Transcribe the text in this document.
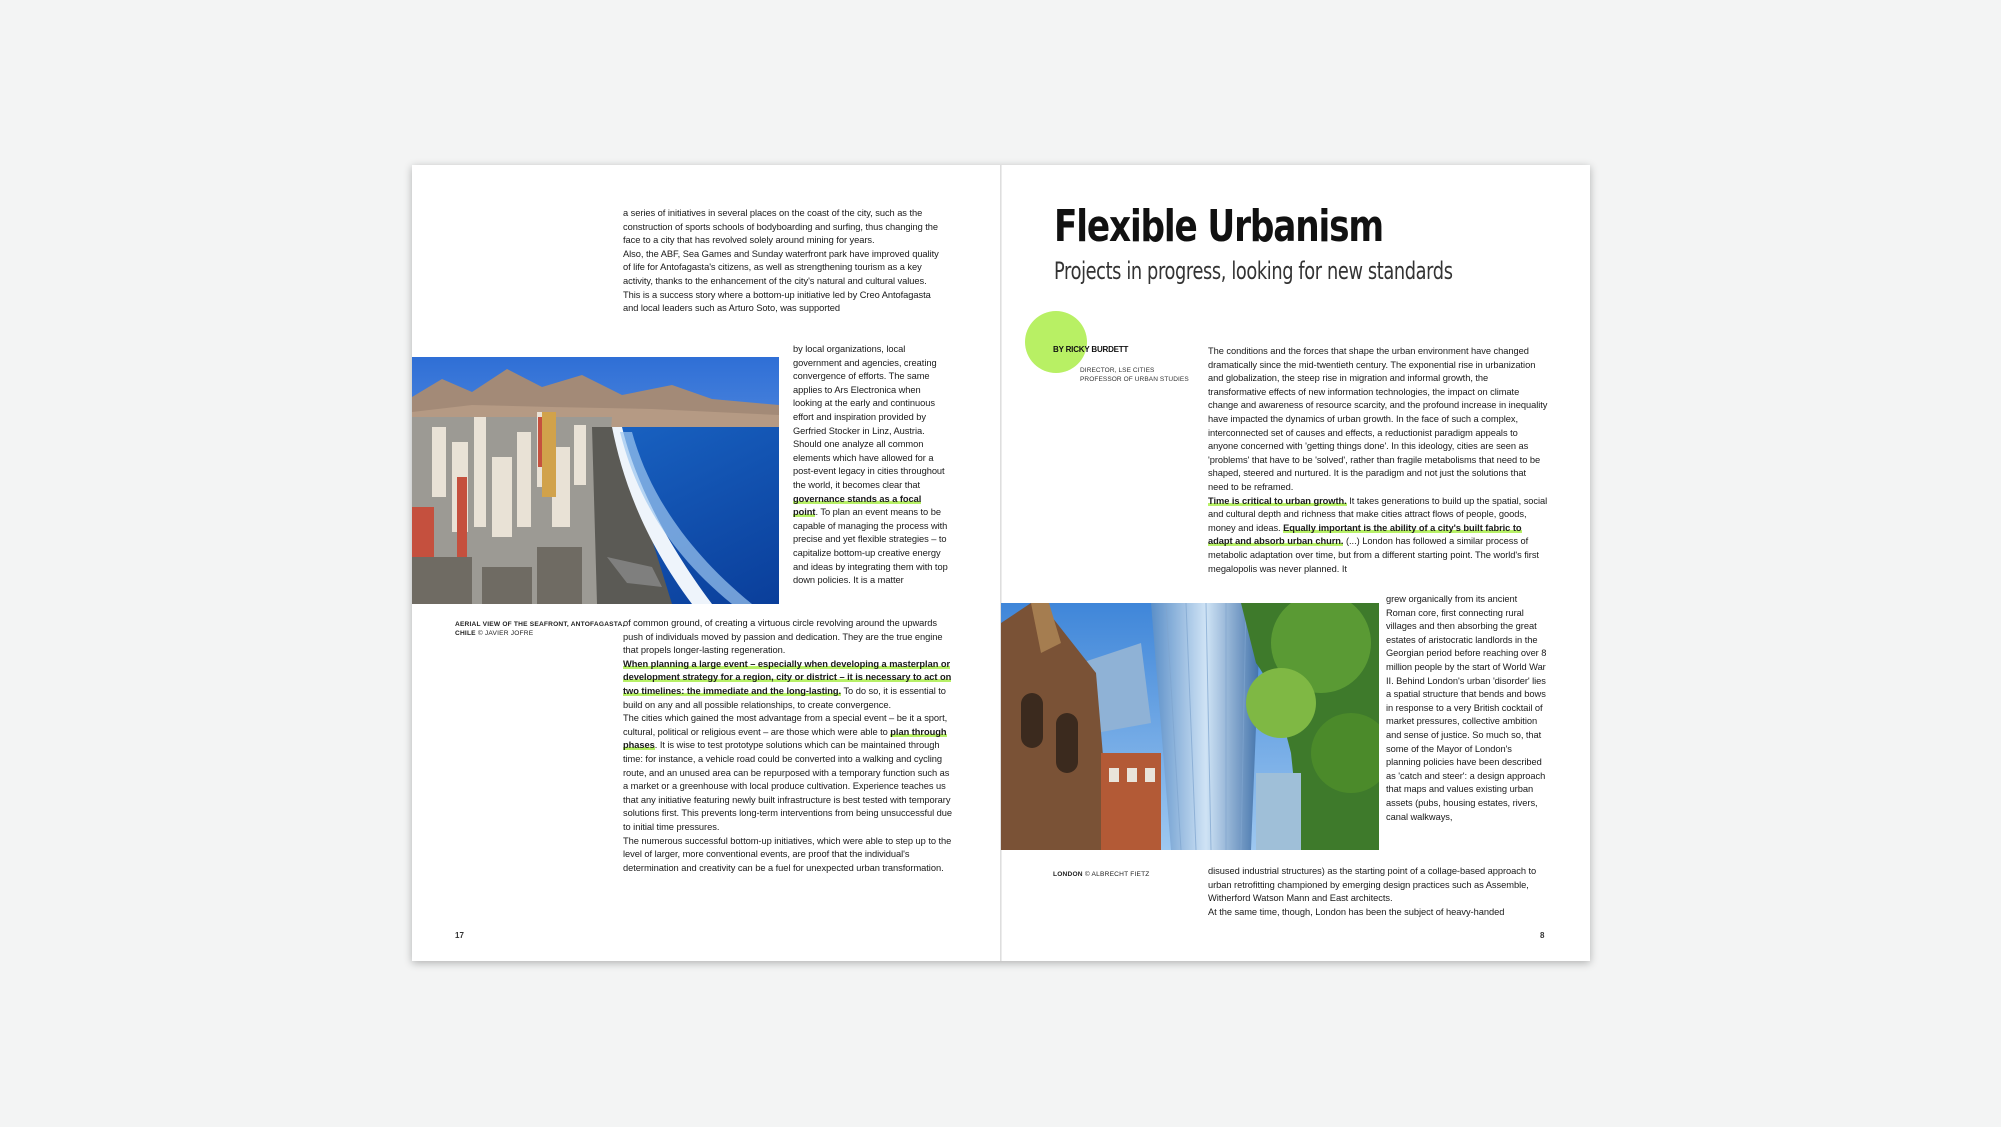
a series of initiatives in several places on the coast of the city, such as the construction of sports schools of bodyboarding and surfing, thus changing the face to a city that has revolved solely around mining for years.

Also, the ABF, Sea Games and Sunday waterfront park have improved quality of life for Antofagasta's citizens, as well as strengthening tourism as a key activity, thanks to the enhancement of the city's natural and cultural values.

This is a success story where a bottom-up initiative led by Creo Antofagasta and local leaders such as Arturo Soto, was supported

by local organizations, local government and agencies, creating convergence of efforts. The same applies to Ars Electronica when looking at the early and continuous effort and inspiration provided by Gerfried Stocker in Linz, Austria.

Should one analyze all common elements which have allowed for a post-event legacy in cities throughout the world, it becomes clear that governance stands as a focal point. To plan an event means to be capable of managing the process with precise and yet flexible strategies – to capitalize bottom-up creative energy and ideas by integrating them with top down policies. It is a matter

AERIAL VIEW OF THE SEAFRONT, ANTOFAGASTA, CHILE © JAVIER JOFRE

of common ground, of creating a virtuous circle revolving around the upwards push of individuals moved by passion and dedication. They are the true engine that propels longer-lasting regeneration.

When planning a large event – especially when developing a masterplan or development strategy for a region, city or district – it is necessary to act on two timelines: the immediate and the long-lasting. To do so, it is essential to build on any and all possible relationships, to create convergence.

The cities which gained the most advantage from a special event – be it a sport, cultural, political or religious event – are those which were able to plan through phases. It is wise to test prototype solutions which can be maintained through time: for instance, a vehicle road could be converted into a walking and cycling route, and an unused area can be repurposed with a temporary function such as a market or a greenhouse with local produce cultivation. Experience teaches us that any initiative featuring newly built infrastructure is best tested with temporary solutions first. This prevents long-term interventions from being unsuccessful due to initial time pressures.

The numerous successful bottom-up initiatives, which were able to step up to the level of larger, more conventional events, are proof that the individual's determination and creativity can be a fuel for unexpected urban transformation.

17
Flexible Urbanism
Projects in progress, looking for new standards
BY RICKY BURDETT
DIRECTOR, LSE CITIES
PROFESSOR OF URBAN STUDIES

The conditions and the forces that shape the urban environment have changed dramatically since the mid-twentieth century. The exponential rise in urbanization and globalization, the steep rise in migration and informal growth, the transformative effects of new information technologies, the impact on climate change and awareness of resource scarcity, and the profound increase in inequality have impacted the dynamics of urban growth. In the face of such a complex, interconnected set of causes and effects, a reductionist paradigm appeals to anyone concerned with 'getting things done'. In this ideology, cities are seen as 'problems' that have to be 'solved', rather than fragile metabolisms that need to be shaped, steered and nurtured. It is the paradigm and not just the solutions that need to be reframed.

Time is critical to urban growth. It takes generations to build up the spatial, social and cultural depth and richness that make cities attract flows of people, goods, money and ideas. Equally important is the ability of a city's built fabric to adapt and absorb urban churn. (...) London has followed a similar process of metabolic adaptation over time, but from a different starting point. The world's first megalopolis was never planned. It

grew organically from its ancient Roman core, first connecting rural villages and then absorbing the great estates of aristocratic landlords in the Georgian period before reaching over 8 million people by the start of World War II. Behind London's urban 'disorder' lies a spatial structure that bends and bows in response to a very British cocktail of market pressures, collective ambition and sense of justice. So much so, that some of the Mayor of London's planning policies have been described as 'catch and steer': a design approach that maps and values existing urban assets (pubs, housing estates, rivers, canal walkways,

LONDON © ALBRECHT FIETZ	disused industrial structures) as the starting point of a collage-based approach to urban retrofitting championed by emerging design practices such as Assemble, Witherford Watson Mann and East architects.

At the same time, though, London has been the subject of heavy-handed

8
